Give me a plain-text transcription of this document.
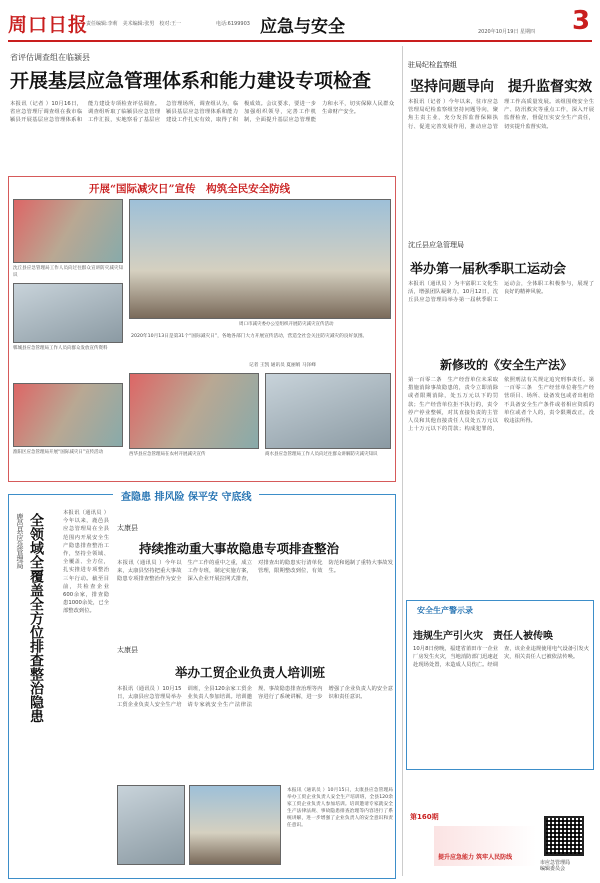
周口日报
责任编辑:李莉　美术编辑:张男　校对:王一	电话:6199903 应急与安全	2020年10月19日 星期四 3
省评估调查组在临颍县
开展基层应急管理体系和能力建设专项检查
本报讯（记者 ）10月16日，省应急管理厅调查组在我市临颍县开展基层应急管理体系和能力建设专项检查评估调查。调查组听取了临颍县应急管理工作汇报，实地察看了基层应急管理场所，调查组认为，临颍县基层应急管理体系和能力建设工作扎实有效，取得了积极成效。会议要求，要进一步加强组织领导，完善工作机制，全面提升基层应急管理能力和水平，切实保障人民群众生命财产安全。
开展“国际减灾日”宣传　构筑全民安全防线
沈丘县应急管理局工作人员向过往群众宣讲防灾减灾知识
郸城县应急管理局工作人员向群众发放宣传资料
淮阳区应急管理局开展“国际减灾日”宣传活动
周口市减灾委办公室组织开展防灾减灾宣传活动
2020年10月13日是第31个“国际减灾日”，各地各部门大力开展宣传活动，营造全社会关注防灾减灾的良好氛围。
记者 王凯 通讯员 夏丽娟 马泽峰
西华县应急管理局在农村开展减灾宣传	商水县应急管理局工作人员向过往群众讲解防灾减灾知识
查隐患 排风险 保平安 守底线
鹿邑县应急管理局 全领域全覆盖全方位排查整治隐患	本报讯（通讯员 ）今年以来，鹿邑县应急管理局在全县范围内开展安全生产隐患排查整治工作，坚持全领域、全覆盖、全方位，扎实推进专项整治三年行动。截至目前，共检查企业600余家，排查隐患1000余处，已全部整改到位。
太康县
持续推动重大事故隐患专项排查整治
本报讯（通讯员 ）今年以来，太康县坚持把重大事故隐患专项排查整治作为安全生产工作的重中之重，成立工作专班，制定实施方案，深入企业开展拉网式排查，对排查出的隐患实行清单化管理，限期整改到位，有效防范和遏制了重特大事故发生。
太康县
举办工贸企业负责人培训班
本报讯（通讯员 ）10月15日，太康县应急管理局举办工贸企业负责人安全生产培训班，全县120余家工贸企业负责人参加培训。培训邀请专家就安全生产法律法规、事故隐患排查治理等内容进行了系统讲解，进一步增强了企业负责人的安全意识和责任意识。
本报讯（通讯员 ）10月15日，太康县应急管理局举办工贸企业负责人安全生产培训班，全县120余家工贸企业负责人参加培训。培训邀请专家就安全生产法律法规、事故隐患排查治理等内容进行了系统讲解，进一步增强了企业负责人的安全意识和责任意识。
驻局纪检监察组
坚持问题导向　提升监督实效
本报讯（记者 ）今年以来，驻市应急管理局纪检监察组坚持问题导向，聚焦主责主业，充分发挥监督保障执行、促进完善发展作用，推动应急管理工作高质量发展。该组围绕安全生产、防汛救灾等重点工作，深入开展监督检查，督促压实安全生产责任，切实提升监督实效。
沈丘县应急管理局
举办第一届秋季职工运动会
本报讯（通讯员 ）为丰富职工文化生活，增强团队凝聚力，10月12日，沈丘县应急管理局举办第一届秋季职工运动会，全体职工积极参与，展现了良好的精神风貌。
新修改的《安全生产法》
第一百零二条　生产经营单位未采取措施消除事故隐患的，责令立即消除或者限期消除，处五万元以下的罚款；生产经营单位拒不执行的，责令停产停业整顿，对其直接负责的主管人员和其他直接责任人员处五万元以上十万元以下的罚款；构成犯罪的，依照刑法有关规定追究刑事责任。第一百零三条　生产经营单位将生产经营项目、场所、设备发包或者出租给不具备安全生产条件或者相应资质的单位或者个人的，责令限期改正，没收违法所得。
安全生产警示录
违规生产引火灾　责任人被传唤
10月8日傍晚，福建省莆田市一企业厂房发生火灾，当地消防部门迅速赶赴现场处置，未造成人员伤亡。经调查，该企业违规使用电气设备引发火灾，相关责任人已被依法传唤。
第160期
提升应急能力 筑牢人民防线
市应急管理局
编辑委员会
